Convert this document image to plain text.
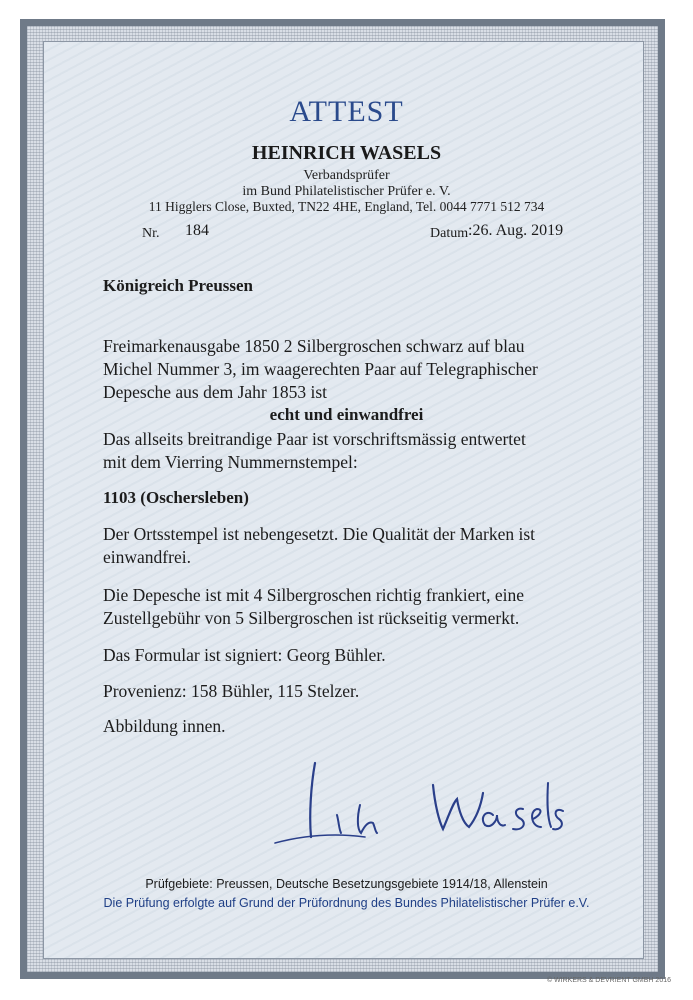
ATTEST
HEINRICH WASELS
Verbandsprüfer
im Bund Philatelistischer Prüfer e. V.
11 Higglers Close, Buxted, TN22 4HE, England, Tel. 0044 7771 512 734
Nr. 184	Datum :26. Aug. 2019
Königreich Preussen
Freimarkenausgabe 1850 2 Silbergroschen schwarz auf blau
Michel Nummer 3, im waagerechten Paar auf Telegraphischer
Depesche aus dem Jahr 1853 ist
echt und einwandfrei
Das allseits breitrandige Paar ist vorschriftsmässig entwertet
mit dem Vierring Nummernstempel:
1103 (Oschersleben)
Der Ortsstempel ist nebengesetzt. Die Qualität der Marken ist
einwandfrei.
Die Depesche ist mit 4 Silbergroschen richtig frankiert, eine
Zustellgebühr von 5 Silbergroschen ist rückseitig vermerkt.
Das Formular ist signiert: Georg Bühler.
Provenienz: 158 Bühler, 115 Stelzer.
Abbildung innen.
Prüfgebiete: Preussen, Deutsche Besetzungsgebiete 1914/18, Allenstein
Die Prüfung erfolgte auf Grund der Prüfordnung des Bundes Philatelistischer Prüfer e.V.
© WIRKERS & DEVRIENT GMBH 2016
